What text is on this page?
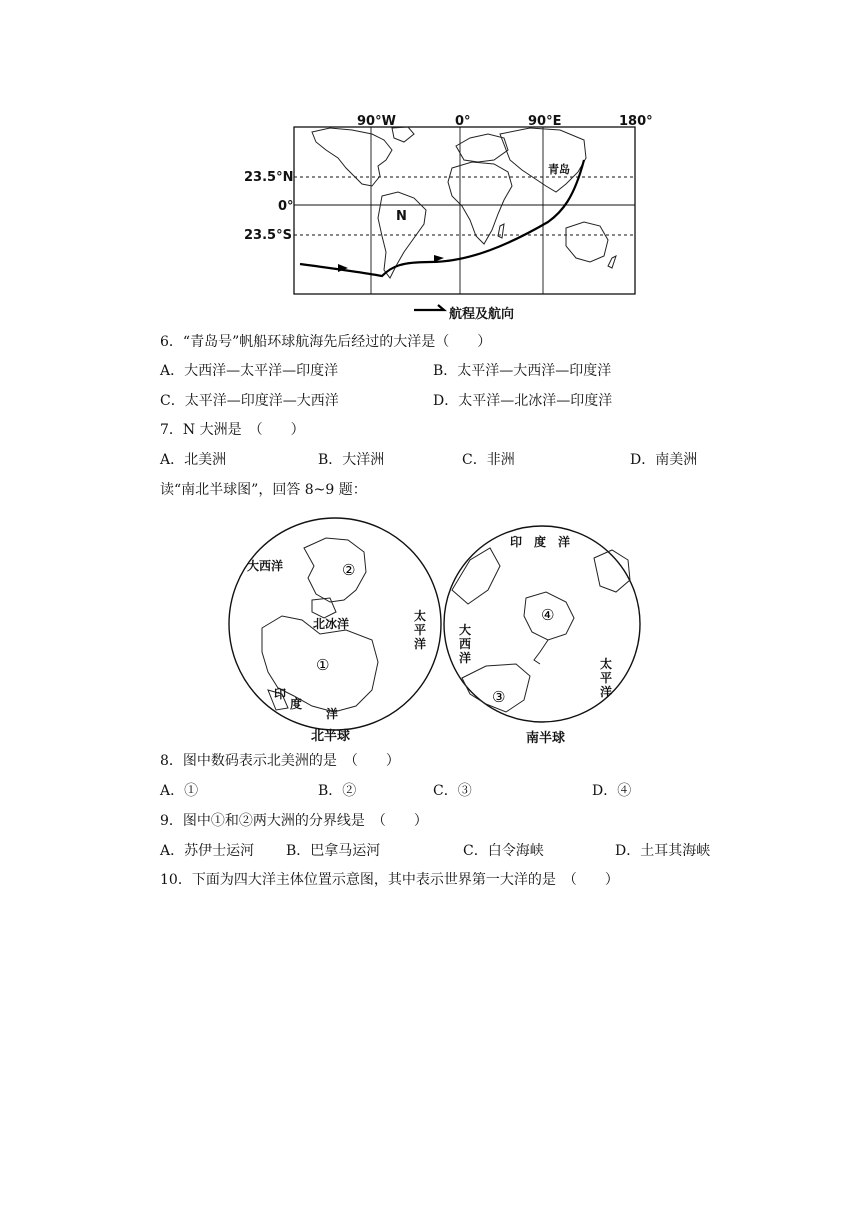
90°W	0°	90°E	180°
23.5°N
0°
23.5°S
N
青岛
航程及航向
6．“青岛号”帆船环球航海先后经过的大洋是（　　）
A．大西洋—太平洋—印度洋	B．太平洋—大西洋—印度洋
C．太平洋—印度洋—大西洋	D．太平洋—北冰洋—印度洋
7．N 大洲是　（　　）
A．北美洲	B．大洋洲	C．非洲	D．南美洲
读“南北半球图”，回答 8~9 题：
大西洋
北冰洋
太
平
洋
印
度
洋
②
①
北半球
印　度　洋
大
西
洋	太
平
洋
④
③
南半球
8．图中数码表示北美洲的是　（　　）
A．①	B．②	C．③	D．④
9．图中①和②两大洲的分界线是　（　　）
A．苏伊士运河 B．巴拿马运河	C．白令海峡	D．土耳其海峡
10．下面为四大洋主体位置示意图，其中表示世界第一大洋的是　（　　）
